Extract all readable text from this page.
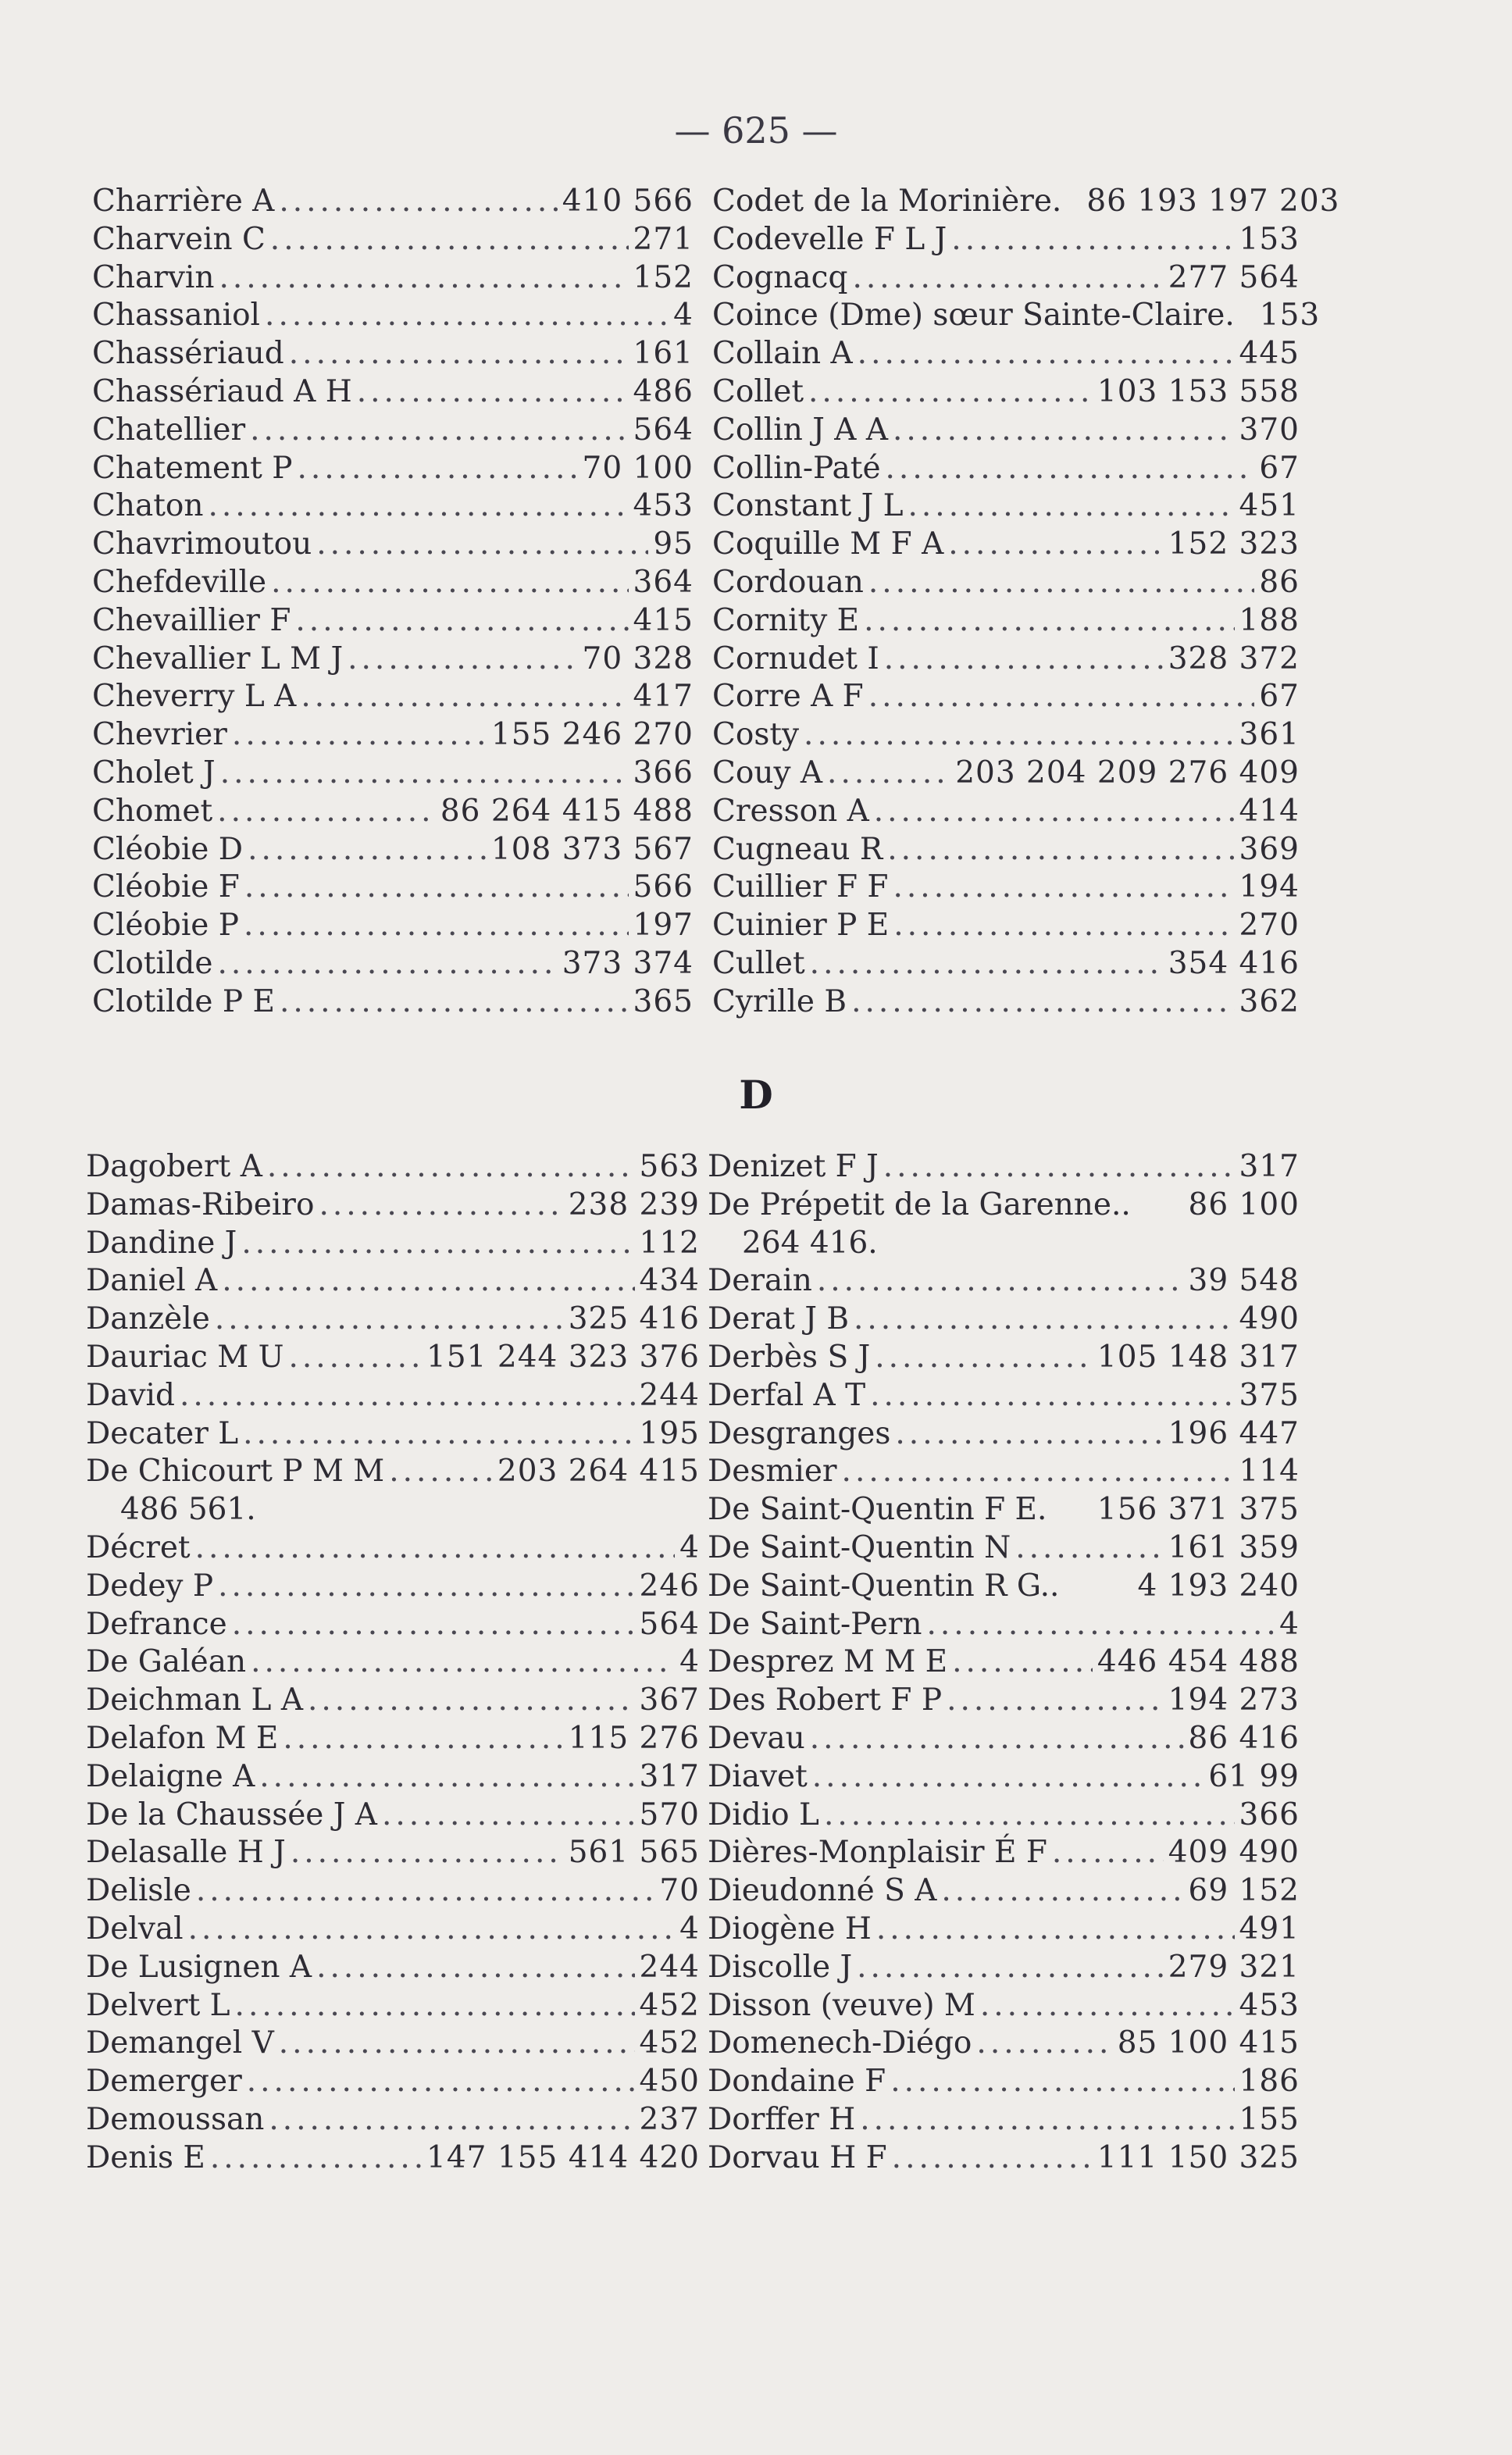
— 625 —
Charrière A .....	410 566
Charvein C .....	271
Charvin .....	152
Chassaniol .....	4
Chassériaud .....	161
Chassériaud A H .....	486
Chatellier .....	564
Chatement P .....	70 100
Chaton .....	453
Chavrimoutou .....	95
Chefdeville .....	364
Chevaillier F .....	415
Chevallier L M J .....	70 328
Cheverry L A .....	417
Chevrier .....	155 246 270
Cholet J .....	366
Chomet .....	86 264 415 488
Cléobie D .....	108 373 567
Cléobie F .....	566
Cléobie P .....	197
Clotilde .....	373 374
Clotilde P E .....	365
Codet de la Morinière. 86 193 197 203
Codevelle F L J .....	153
Cognacq .....	277 564
Coince (Dme) sœur Sainte-Claire. 153
Collain A .....	445
Collet .....	103 153 558
Collin J A A .....	370
Collin-Paté .....	67
Constant J L .....	451
Coquille M F A .....	152 323
Cordouan .....	86
Cornity E .....	188
Cornudet I .....	328 372
Corre A F .....	67
Costy .....	361
Couy A .....	203 204 209 276 409
Cresson A .....	414
Cugneau R .....	369
Cuillier F F .....	194
Cuinier P E .....	270
Cullet .....	354 416
Cyrille B .....	362
D
Dagobert A .....	563
Damas-Ribeiro .....	238 239
Dandine J .....	112
Daniel A .....	434
Danzèle .....	325 416
Dauriac M U .....	151 244 323 376
David .....	244
Decater L .....	195
De Chicourt P M M .....	203 264 415
486 561.
Décret .....	4
Dedey P .....	246
Defrance .....	564
De Galéan .....	4
Deichman L A .....	367
Delafon M E .....	115 276
Delaigne A .....	317
De la Chaussée J A .....	570
Delasalle H J .....	561 565
Delisle .....	70
Delval .....	4
De Lusignen A .....	244
Delvert L .....	452
Demangel V .....	452
Demerger .....	450
Demoussan .....	237
Denis E .....	147 155 414 420
Denizet F J .....	317
De Prépetit de la Garenne.. 86 100
264 416.
Derain .....	39 548
Derat J B .....	490
Derbès S J .....	105 148 317
Derfal A T .....	375
Desgranges .....	196 447
Desmier .....	114
De Saint-Quentin F E. 156 371 375
De Saint-Quentin N .....	161 359
De Saint-Quentin R G..	4 193 240
De Saint-Pern .....	4
Desprez M M E .....	446 454 488
Des Robert F P .....	194 273
Devau .....	86 416
Diavet .....	61 99
Didio L .....	366
Dières-Monplaisir É F .....	409 490
Dieudonné S A .....	69 152
Diogène H .....	491
Discolle J .....	279 321
Disson (veuve) M .....	453
Domenech-Diégo .....	85 100 415
Dondaine F .....	186
Dorffer H .....	155
Dorvau H F .....	111 150 325
